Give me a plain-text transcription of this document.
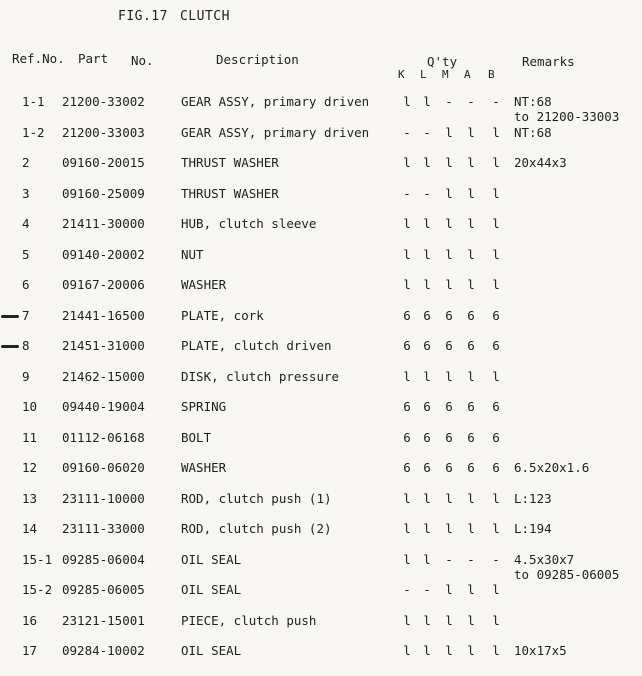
FIG.17 CLUTCH
Ref.No. Part No.	Description	Q'ty	Remarks
K L M A B
1-1 21200-33002	GEAR ASSY, primary driven	l l - - - NT:68
to 21200-33003
1-2 21200-33003	GEAR ASSY, primary driven	- - l l l NT:68
2	09160-20015	THRUST WASHER	l l l l l 20x44x3
3	09160-25009	THRUST WASHER	- - l l l
4	21411-30000	HUB, clutch sleeve	l l l l l
5	09140-20002	NUT	l l l l l
6	09167-20006	WASHER	l l l l l
7	21441-16500	PLATE, cork	6 6 6 6 6
8	21451-31000	PLATE, clutch driven	6 6 6 6 6
9	21462-15000	DISK, clutch pressure	l l l l l
10 09440-19004	SPRING	6 6 6 6 6
11 01112-06168	BOLT	6 6 6 6 6
12 09160-06020	WASHER	6 6 6 6 6 6.5x20x1.6
13 23111-10000	ROD, clutch push (1)	l l l l l L:123
14 23111-33000	ROD, clutch push (2)	l l l l l L:194
15-1 09285-06004	OIL SEAL	l l - - - 4.5x30x7
to 09285-06005
15-2 09285-06005	OIL SEAL	- - l l l
16 23121-15001	PIECE, clutch push	l l l l l
17 09284-10002	OIL SEAL	l l l l l 10x17x5
